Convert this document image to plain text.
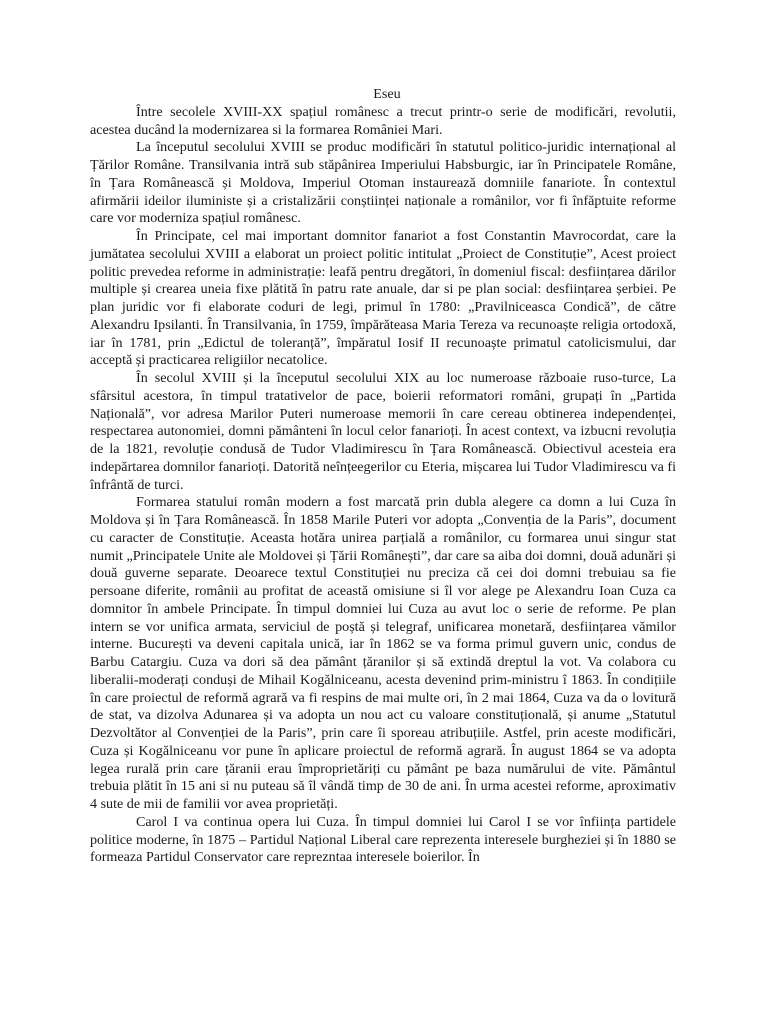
Eseu

Între secolele XVIII-XX spațiul românesc a trecut printr-o serie de modificări, revolutii, acestea ducând la modernizarea si la formarea României Mari.

La începutul secolului XVIII se produc modificări în statutul politico-juridic internațional al Țărilor Române. Transilvania intră sub stăpânirea Imperiului Habsburgic, iar în Principatele Române, în Țara Românească și Moldova, Imperiul Otoman instaurează domniile fanariote. În contextul afirmării ideilor iluministe și a cristalizării conștiinței naționale a românilor, vor fi înfăptuite reforme care vor moderniza spațiul românesc.

În Principate, cel mai important domnitor fanariot a fost Constantin Mavrocordat, care la jumătatea secolului XVIII a elaborat un proiect politic intitulat „Proiect de Constituție”, Acest proiect politic prevedea reforme in administrație: leafă pentru dregători, în domeniul fiscal: desființarea dărilor multiple și crearea uneia fixe plătită în patru rate anuale, dar si pe plan social: desființarea șerbiei. Pe plan juridic vor fi elaborate coduri de legi, primul în 1780: „Pravilniceasca Condică”, de către Alexandru Ipsilanti. În Transilvania, în 1759, împărăteasa Maria Tereza va recunoaște religia ortodoxă, iar în 1781, prin „Edictul de toleranță”, împăratul Iosif II recunoaște primatul catolicismului, dar acceptă și practicarea religiilor necatolice.

În secolul XVIII și la începutul secolului XIX au loc numeroase războaie ruso-turce, La sfârsitul acestora, în timpul tratativelor de pace, boierii reformatori români, grupați în „Partida Națională”, vor adresa Marilor Puteri numeroase memorii în care cereau obtinerea independenței, respectarea autonomiei, domni pământeni în locul celor fanarioți. În acest context, va izbucni revoluția de la 1821, revoluție condusă de Tudor Vladimirescu în Țara Românească. Obiectivul acesteia era indepărtarea domnilor fanarioți. Datorită neînțeegerilor cu Eteria, mișcarea lui Tudor Vladimirescu va fi înfrântă de turci.

Formarea statului român modern a fost marcată prin dubla alegere ca domn a lui Cuza în Moldova și în Țara Românească. În 1858 Marile Puteri vor adopta „Convenția de la Paris”, document cu caracter de Constituție. Aceasta hotăra unirea parțială a românilor, cu formarea unui singur stat numit „Principatele Unite ale Moldovei și Țării Românești”, dar care sa aiba doi domni, două adunări și două guverne separate. Deoarece textul Constituției nu preciza că cei doi domni trebuiau sa fie persoane diferite, românii au profitat de această omisiune si îl vor alege pe Alexandru Ioan Cuza ca domnitor în ambele Principate. În timpul domniei lui Cuza au avut loc o serie de reforme. Pe plan intern se vor unifica armata, serviciul de poștă și telegraf, unificarea monetară, desființarea vămilor interne. București va deveni capitala unică, iar în 1862 se va forma primul guvern unic, condus de Barbu Catargiu. Cuza va dori să dea pământ țăranilor și să extindă dreptul la vot. Va colabora cu liberalii-moderați conduși de Mihail Kogălniceanu, acesta devenind prim-ministru î 1863. În condițiile în care proiectul de reformă agrară va fi respins de mai multe ori, în 2 mai 1864, Cuza va da o lovitură de stat, va dizolva Adunarea și va adopta un nou act cu valoare constituțională, și anume „Statutul Dezvoltător al Convenției de la Paris”, prin care îi sporeau atribuțiile. Astfel, prin aceste modificări, Cuza și Kogălniceanu vor pune în aplicare proiectul de reformă agrară. În august 1864 se va adopta legea rurală prin care țăranii erau împroprietăriți cu pământ pe baza numărului de vite. Pământul trebuia plătit în 15 ani si nu puteau să îl vândă timp de 30 de ani. În urma acestei reforme, aproximativ 4 sute de mii de familii vor avea proprietăți.

Carol I va continua opera lui Cuza. În timpul domniei lui Carol I se vor înființa partidele politice moderne, în 1875 – Partidul Național Liberal care reprezenta interesele burgheziei și în 1880 se formeaza Partidul Conservator care reprezntaa interesele boierilor. În
